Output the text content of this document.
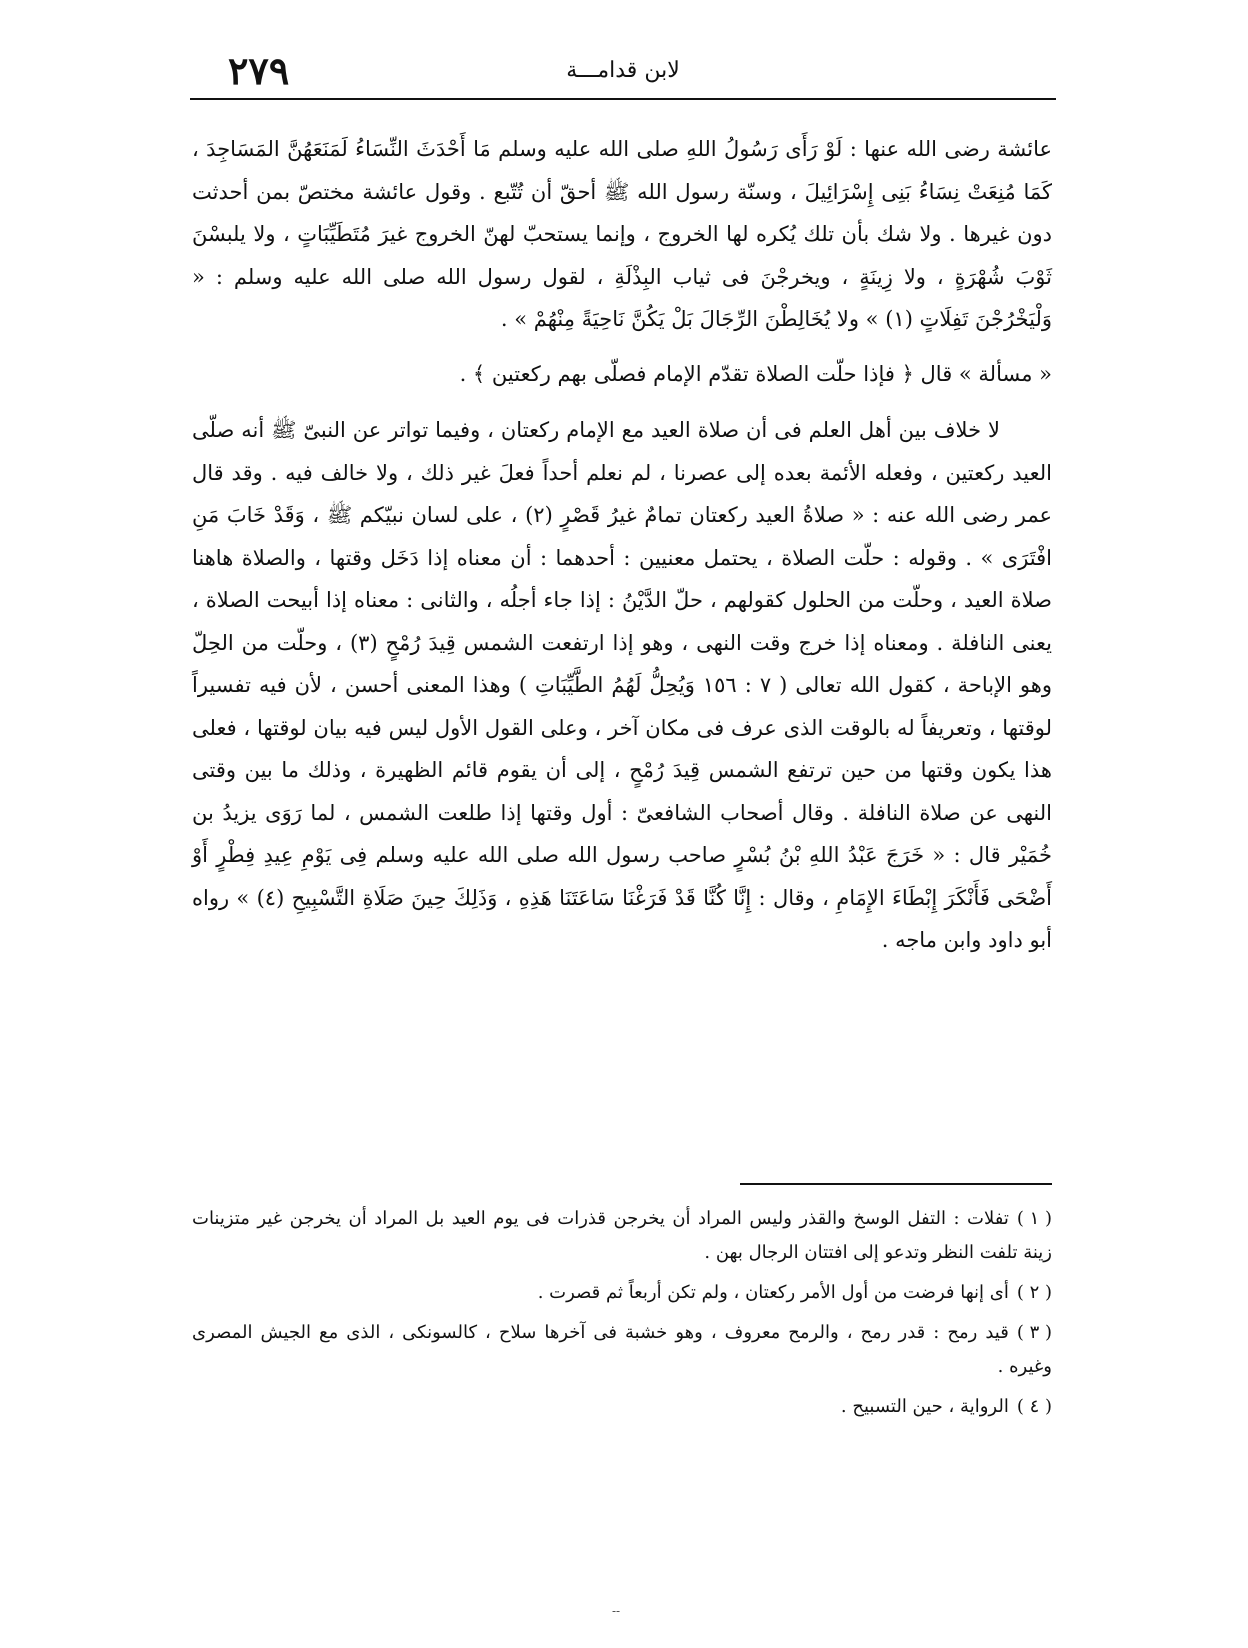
٢٧٩	لابن قدامـــة

عائشة رضى الله عنها : لَوْ رَأَى رَسُولُ اللهِ صلى الله عليه وسلم مَا أَحْدَثَ النِّسَاءُ لَمَنَعَهُنَّ المَسَاجِدَ ، كَمَا مُنِعَتْ نِسَاءُ بَنِى إِسْرَائِيلَ ، وسنّة رسول الله ﷺ أحقّ أن تُتّبع . وقول عائشة مختصّ بمن أحدثت دون غيرها . ولا شك بأن تلك يُكره لها الخروج ، وإنما يستحبّ لهنّ الخروج غيرَ مُتَطَيِّبَاتٍ ، ولا يلبسْنَ ثَوْبَ شُهْرَةٍ ، ولا زِينَةٍ ، ويخرجْنَ فى ثياب البِذْلَةِ ، لقول رسول الله صلى الله عليه وسلم : « وَلْيَخْرُجْنَ تَفِلَاتٍ (١) » ولا يُخَالِطْنَ الرِّجَالَ بَلْ يَكُنَّ نَاحِيَةً مِنْهُمْ » .

« مسألة » قال ﴿ فإذا حلّت الصلاة تقدّم الإمام فصلّى بهم ركعتين ﴾ .

لا خلاف بين أهل العلم فى أن صلاة العيد مع الإمام ركعتان ، وفيما تواتر عن النبىّ ﷺ أنه صلّى العيد ركعتين ، وفعله الأئمة بعده إلى عصرنا ، لم نعلم أحداً فعلَ غير ذلك ، ولا خالف فيه . وقد قال عمر رضى الله عنه : « صلاةُ العيد ركعتان تمامٌ غيرُ قَصْرٍ (٢) ، على لسان نبيّكم ﷺ ، وَقَدْ خَابَ مَنِ افْتَرَى » . وقوله : حلّت الصلاة ، يحتمل معنيين : أحدهما : أن معناه إذا دَخَل وقتها ، والصلاة هاهنا صلاة العيد ، وحلّت من الحلول كقولهم ، حلّ الدَّيْنُ : إذا جاء أجلُه ، والثانى : معناه إذا أبيحت الصلاة ، يعنى النافلة . ومعناه إذا خرج وقت النهى ، وهو إذا ارتفعت الشمس قِيدَ رُمْحٍ (٣) ، وحلّت من الحِلّ وهو الإباحة ، كقول الله تعالى ( ٧ : ١٥٦ وَيُحِلُّ لَهُمُ الطَّيِّبَاتِ ) وهذا المعنى أحسن ، لأن فيه تفسيراً لوقتها ، وتعريفاً له بالوقت الذى عرف فى مكان آخر ، وعلى القول الأول ليس فيه بيان لوقتها ، فعلى هذا يكون وقتها من حين ترتفع الشمس قِيدَ رُمْحٍ ، إلى أن يقوم قائم الظهيرة ، وذلك ما بين وقتى النهى عن صلاة النافلة . وقال أصحاب الشافعىّ : أول وقتها إذا طلعت الشمس ، لما رَوَى يزيدُ بن خُمَيْر قال : « خَرَجَ عَبْدُ اللهِ بْنُ بُسْرٍ صاحب رسول الله صلى الله عليه وسلم فِى يَوْمِ عِيدِ فِطْرٍ أَوْ أَضْحَى فَأَنْكَرَ إِبْطَاءَ الإِمَامِ ، وقال : إِنَّا كُنَّا قَدْ فَرَغْنَا سَاعَتَنَا هَذِهِ ، وَذَلِكَ حِينَ صَلَاةِ التَّسْبِيحِ (٤) » رواه أبو داود وابن ماجه .

( ١ )تفلات : التفل الوسخ والقذر وليس المراد أن يخرجن قذرات فى يوم العيد بل المراد أن يخرجن غير متزينات زينة تلفت النظر وتدعو إلى افتتان الرجال بهن .

( ٢ )أى إنها فرضت من أول الأمر ركعتان ، ولم تكن أربعاً ثم قصرت .

( ٣ )قيد رمح : قدر رمح ، والرمح معروف ، وهو خشبة فى آخرها سلاح ، كالسونكى ، الذى مع الجيش المصرى وغيره .

( ٤ )الرواية ، حين التسبيح .

--
